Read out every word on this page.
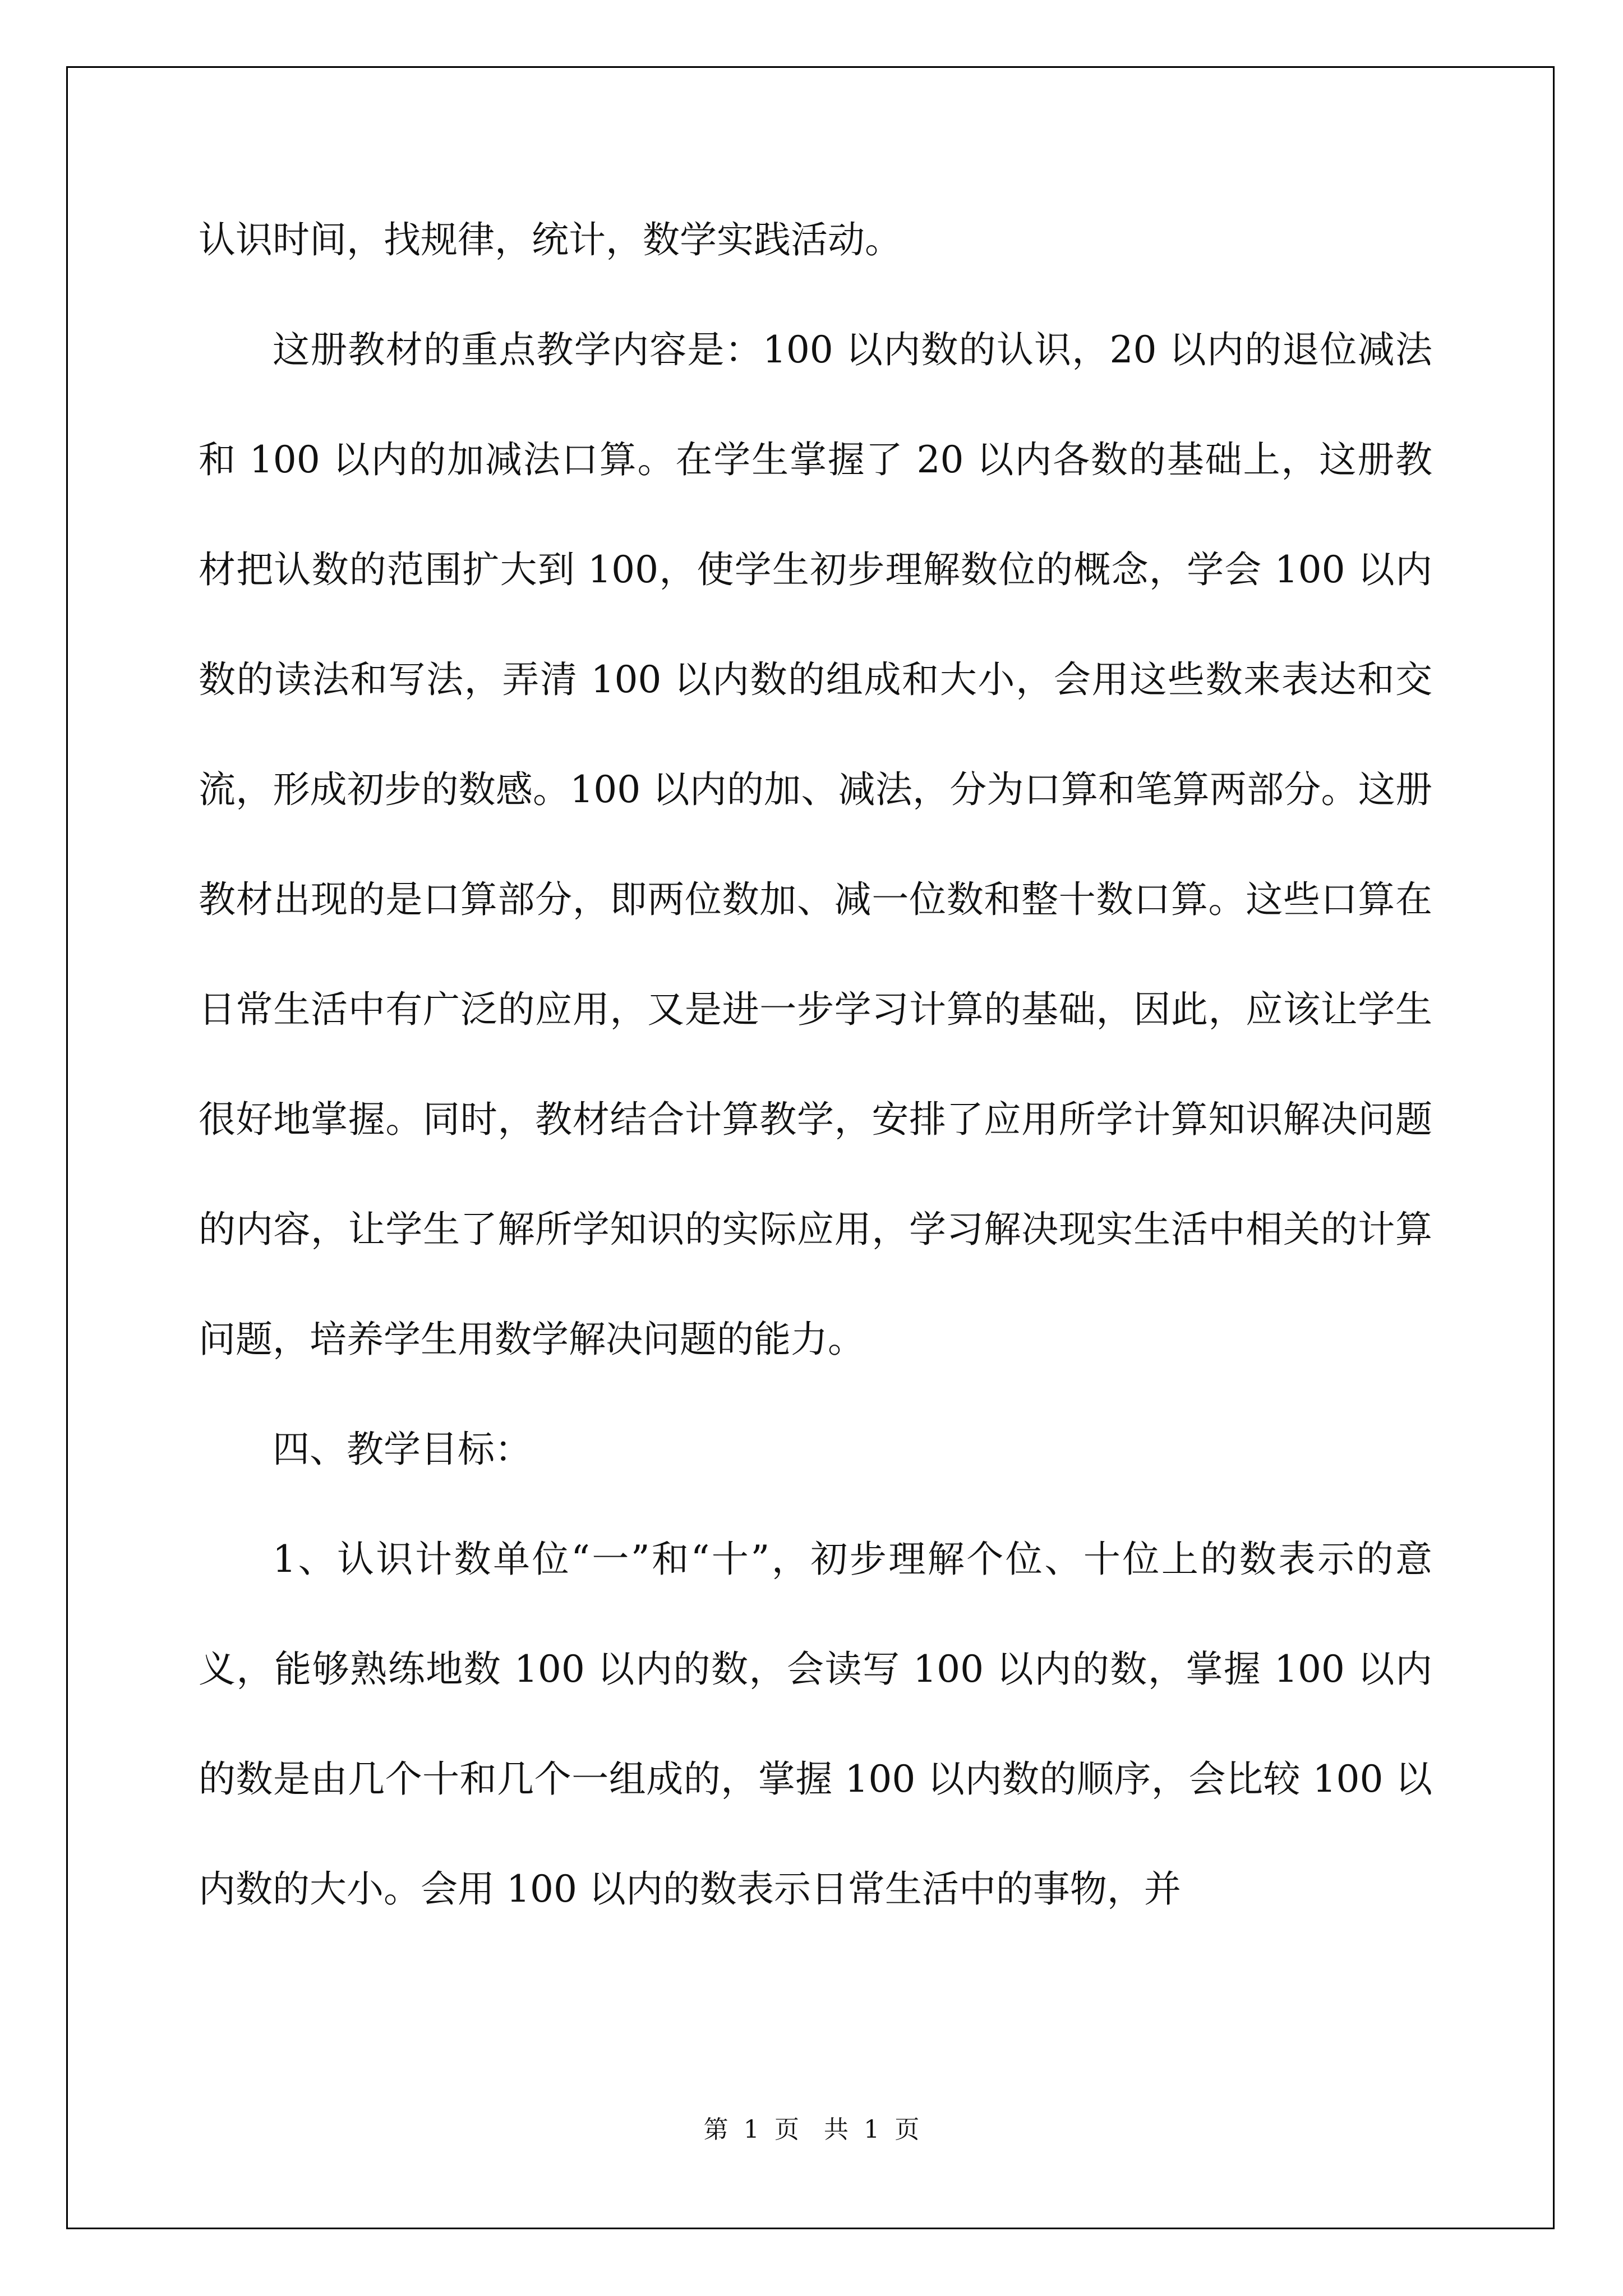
认识时间，找规律，统计，数学实践活动。

这册教材的重点教学内容是：100 以内数的认识，20 以内的退位减法和 100 以内的加减法口算。在学生掌握了 20 以内各数的基础上，这册教材把认数的范围扩大到 100，使学生初步理解数位的概念，学会 100 以内数的读法和写法，弄清 100 以内数的组成和大小，会用这些数来表达和交流，形成初步的数感。100 以内的加、减法，分为口算和笔算两部分。这册教材出现的是口算部分，即两位数加、减一位数和整十数口算。这些口算在日常生活中有广泛的应用，又是进一步学习计算的基础，因此，应该让学生很好地掌握。同时，教材结合计算教学，安排了应用所学计算知识解决问题的内容，让学生了解所学知识的实际应用，学习解决现实生活中相关的计算问题，培养学生用数学解决问题的能力。

四、教学目标：

1、认识计数单位“一”和“十”，初步理解个位、十位上的数表示的意义，能够熟练地数 100 以内的数，会读写 100 以内的数，掌握 100 以内的数是由几个十和几个一组成的，掌握 100 以内数的顺序，会比较 100 以内数的大小。会用 100 以内的数表示日常生活中的事物，并

第 1 页　共 1 页
